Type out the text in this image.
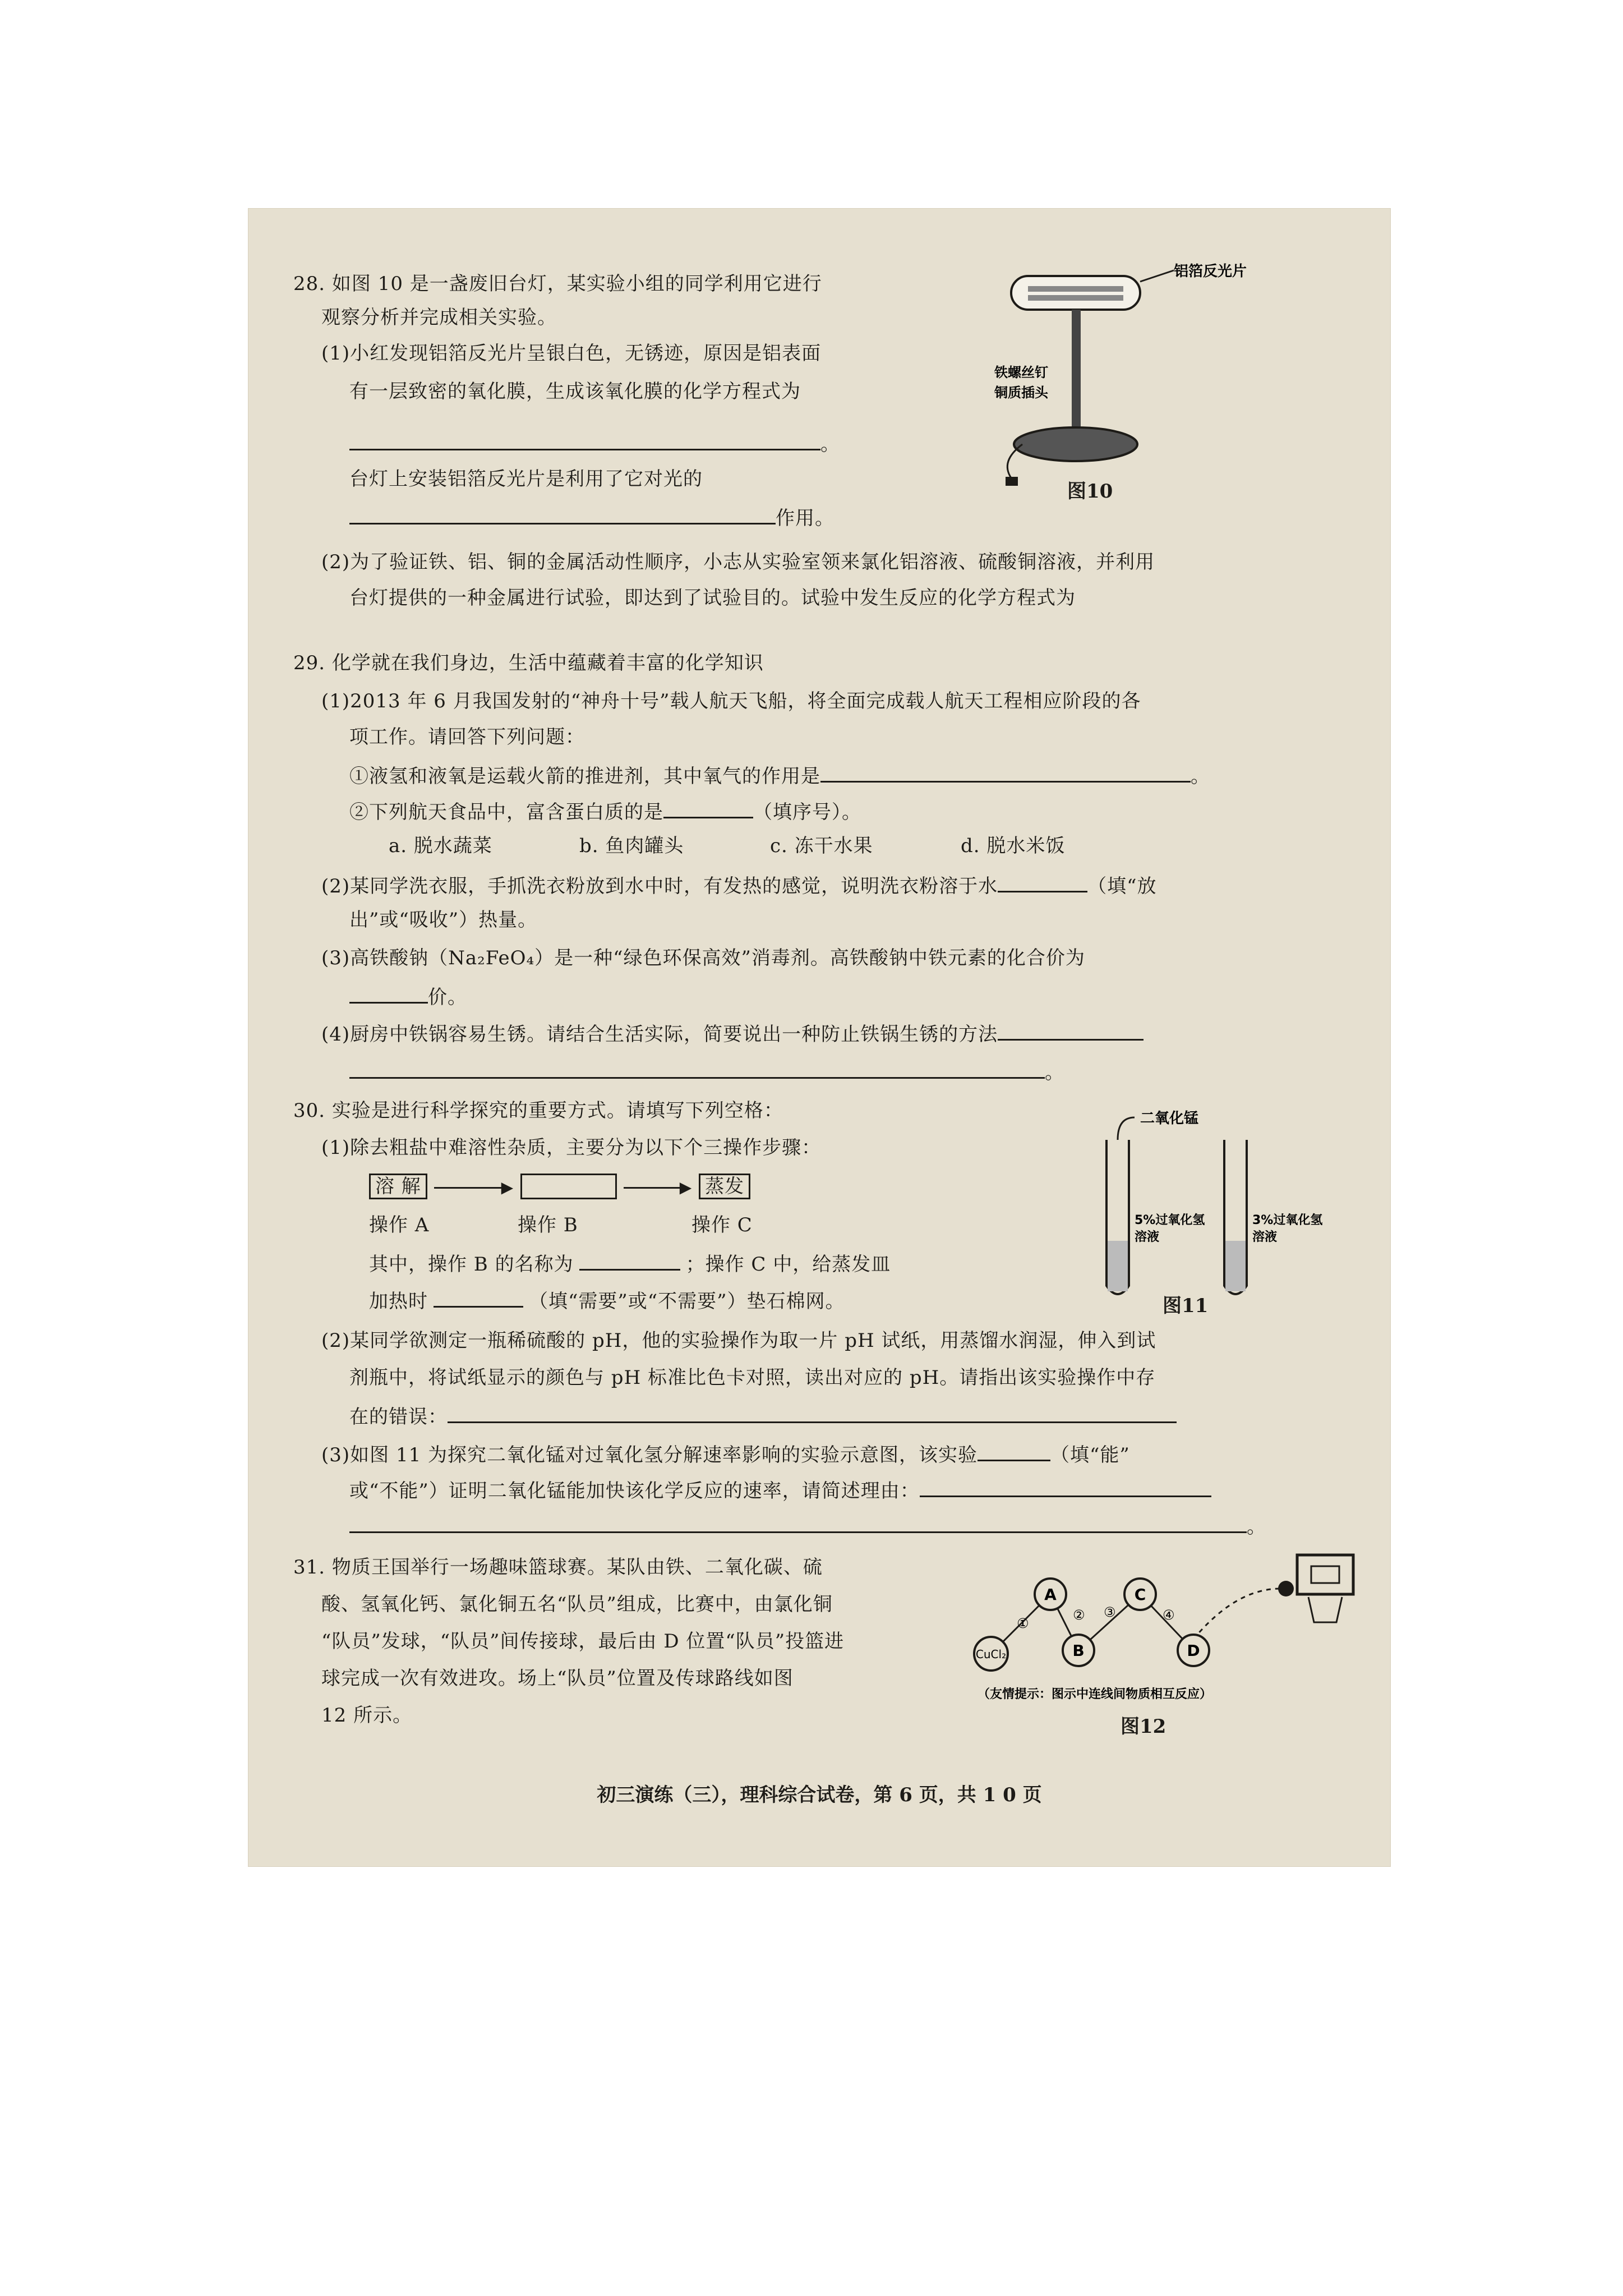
28. 如图 10 是一盏废旧台灯，某实验小组的同学利用它进行
观察分析并完成相关实验。
(1)小红发现铝箔反光片呈银白色，无锈迹，原因是铝表面
有一层致密的氧化膜，生成该氧化膜的化学方程式为
。
台灯上安装铝箔反光片是利用了它对光的
作用。
(2)为了验证铁、铝、铜的金属活动性顺序，小志从实验室领来氯化铝溶液、硫酸铜溶液，并利用
台灯提供的一种金属进行试验，即达到了试验目的。试验中发生反应的化学方程式为
铝箔反光片
铁螺丝钉
铜质插头
图10
29. 化学就在我们身边，生活中蕴藏着丰富的化学知识
(1)2013 年 6 月我国发射的“神舟十号”载人航天飞船，将全面完成载人航天工程相应阶段的各
项工作。请回答下列问题：
①液氢和液氧是运载火箭的推进剂，其中氧气的作用是	。
②下列航天食品中，富含蛋白质的是	（填序号）。
a. 脱水蔬菜	b. 鱼肉罐头	c. 冻干水果	d. 脱水米饭
(2)某同学洗衣服，手抓洗衣粉放到水中时，有发热的感觉，说明洗衣粉溶于水	（填“放
出”或“吸收”）热量。
(3)高铁酸钠（Na₂FeO₄）是一种“绿色环保高效”消毒剂。高铁酸钠中铁元素的化合价为
价。
(4)厨房中铁锅容易生锈。请结合生活实际，简要说出一种防止铁锅生锈的方法
。
30. 实验是进行科学探究的重要方式。请填写下列空格：
(1)除去粗盐中难溶性杂质，主要分为以下个三操作步骤：
溶 解	▶	▶ 蒸发
操作 A	操作 B	操作 C
其中，操作 B 的名称为	；操作 C 中，给蒸发皿
加热时	（填“需要”或“不需要”）垫石棉网。
二氧化锰
5%过氧化氢
溶液
3%过氧化氢
溶液
图11
(2)某同学欲测定一瓶稀硫酸的 pH，他的实验操作为取一片 pH 试纸，用蒸馏水润湿，伸入到试
剂瓶中，将试纸显示的颜色与 pH 标准比色卡对照，读出对应的 pH。请指出该实验操作中存
在的错误：
(3)如图 11 为探究二氧化锰对过氧化氢分解速率影响的实验示意图，该实验	（填“能”
或“不能”）证明二氧化锰能加快该化学反应的速率，请简述理由：
。
31. 物质王国举行一场趣味篮球赛。某队由铁、二氧化碳、硫
酸、氢氧化钙、氯化铜五名“队员”组成，比赛中，由氯化铜
“队员”发球，“队员”间传接球，最后由 D 位置“队员”投篮进
球完成一次有效进攻。场上“队员”位置及传球路线如图
12 所示。
CuCl₂
A
B
C
D
①
② ③	④
（友情提示：图示中连线间物质相互反应）
图12
初三演练（三），理科综合试卷，第 6 页，共 1 0 页
